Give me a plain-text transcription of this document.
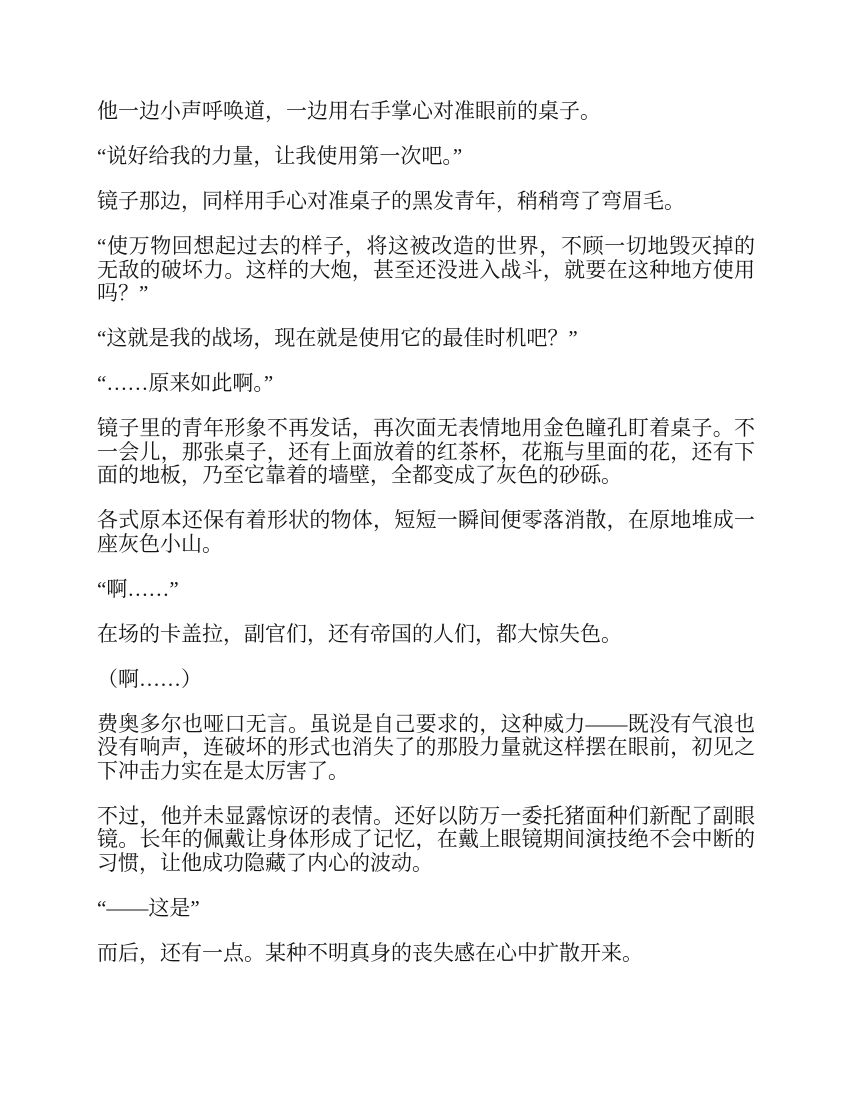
他一边小声呼唤道，一边用右手掌心对准眼前的桌子。

“说好给我的力量，让我使用第一次吧。”

镜子那边，同样用手心对准桌子的黑发青年，稍稍弯了弯眉毛。

“使万物回想起过去的样子，将这被改造的世界，不顾一切地毁灭掉的无敌的破坏力。这样的大炮，甚至还没进入战斗，就要在这种地方使用吗？”

“这就是我的战场，现在就是使用它的最佳时机吧？”

“……原来如此啊。”

镜子里的青年形象不再发话，再次面无表情地用金色瞳孔盯着桌子。不一会儿，那张桌子，还有上面放着的红茶杯，花瓶与里面的花，还有下面的地板，乃至它靠着的墙壁，全都变成了灰色的砂砾。

各式原本还保有着形状的物体，短短一瞬间便零落消散，在原地堆成一座灰色小山。

“啊……”

在场的卡盖拉，副官们，还有帝国的人们，都大惊失色。

（啊……）

费奥多尔也哑口无言。虽说是自己要求的，这种威力——既没有气浪也没有响声，连破坏的形式也消失了的那股力量就这样摆在眼前，初见之下冲击力实在是太厉害了。

不过，他并未显露惊讶的表情。还好以防万一委托猪面种们新配了副眼镜。长年的佩戴让身体形成了记忆，在戴上眼镜期间演技绝不会中断的习惯，让他成功隐藏了内心的波动。

“——这是”

而后，还有一点。某种不明真身的丧失感在心中扩散开来。
